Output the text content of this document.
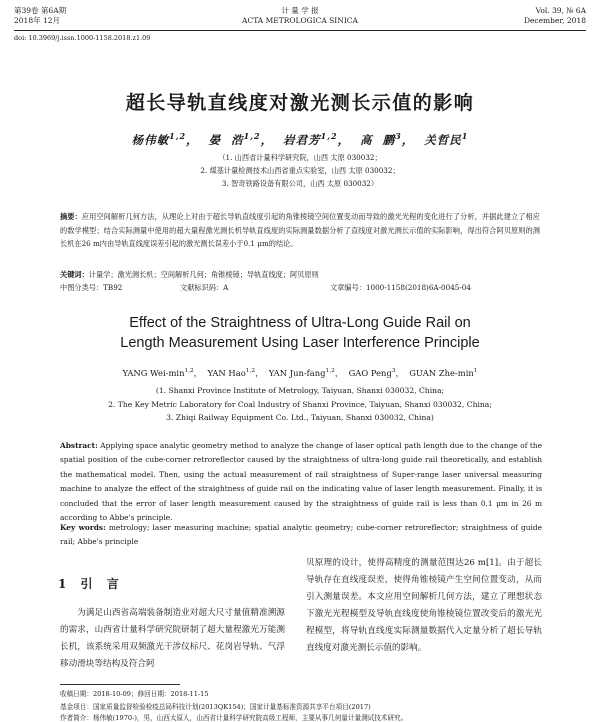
第39卷 第6A期
2018年 12月
计 量 学 报
ACTA METROLOGICA SINICA
Vol. 39, № 6A
December, 2018
doi: 10.3969/j.issn.1000-1158.2018.z1.09
超长导轨直线度对激光测长示值的影响
杨伟敏$^{1,2}$，  晏  浩$^{1,2}$，  岩君芳$^{1,2}$，  高  鹏$^3$，  关哲民$^1$
（1. 山西省计量科学研究院，山西 太原 030032；
2. 煤基计量检测技术山西省重点实验室，山西 太原 030032；
3. 智奇铁路设备有限公司，山西 太原 030032）
摘要：应用空间解析几何方法，从理论上对由于超长导轨直线度引起的角锥棱镜空间位置变动而导致的激光光程的变化进行了分析，并据此建立了相应的数学模型；结合实际测量中使用的超大量程激光测长机导轨直线度的实际测量数据分析了直线度对激光测长示值的实际影响，得出符合阿贝原则的测长机在26 m内由导轨直线度误差引起的激光测长误差小于0.1 μm的结论。
关键词：计量学；激光测长机；空间解析几何；角锥棱镜；导轨直线度；阿贝原则
中图分类号：TB92	文献标识码：A	文章编号：1000-1158(2018)6A-0045-04
Effect of the Straightness of Ultra-Long Guide Rail on
Length Measurement Using Laser Interference Principle
YANG Wei-$\min^{1,2}$，  YAN Hao$^{1,2}$，  YAN Jun-fang$^{1,2}$，  GAO Peng$^3$，  GUAN Zhe-$\min^1$
(1. Shanxi Province Institute of Metrology, Taiyuan, Shanxi 030032, China;
2. The Key Metric Laboratory for Coal Industry of Shanxi Province, Taiyuan, Shanxi 030032, China;
3. Zhiqi Railway Equipment Co. Ltd., Taiyuan, Shanxi 030032, China)
Abstract: Applying space analytic geometry method to analyze the change of laser optical path length due to the change of the spatial position of the cube-corner retroreflector caused by the straightness of ultra-long guide rail theoretically, and establish the mathematical model. Then, using the actual measurement of rail straightness of Super-range laser universal measuring machine to analyze the effect of the straightness of guide rail on the indicating value of laser length measurement. Finally, it is concluded that the error of laser length measurement caused by the straightness of guide rail is less than 0.1 μm in 26 m according to Abbe's principle.
Key words: metrology; laser measuring machine; spatial analytic geometry; cube-corner retroreflector; straightness of guide rail; Abbe's principle
1 引 言
为满足山西省高端装备制造业对超大尺寸量值精准溯源的需求，山西省计量科学研究院研制了超大量程激光万能测长机，该系统采用双频激光干涉仪标尺、花岗岩导轨、气浮移动滑块等结构及符合阿
贝原理的设计，使得高精度的测量范围达26 m[1]。由于超长导轨存在直线度误差，使得角锥棱镜产生空间位置变动，从而引入测量误差。本文应用空间解析几何方法，建立了理想状态下激光光程模型及导轨直线度使角锥棱镜位置改变后的激光光程模型，将导轨直线度实际测量数据代入定量分析了超长导轨直线度对激光测长示值的影响。
收稿日期：2018-10-09；修回日期：2018-11-15
基金项目：国家质量监督检验检疫总局科技计划(2013QK154)；国家计量基标准资源共享平台项目(2017)
作者简介：杨伟敏(1970-)，男，山西太原人，山西省计量科学研究院高级工程师，主要从事几何量计量测试技术研究。
